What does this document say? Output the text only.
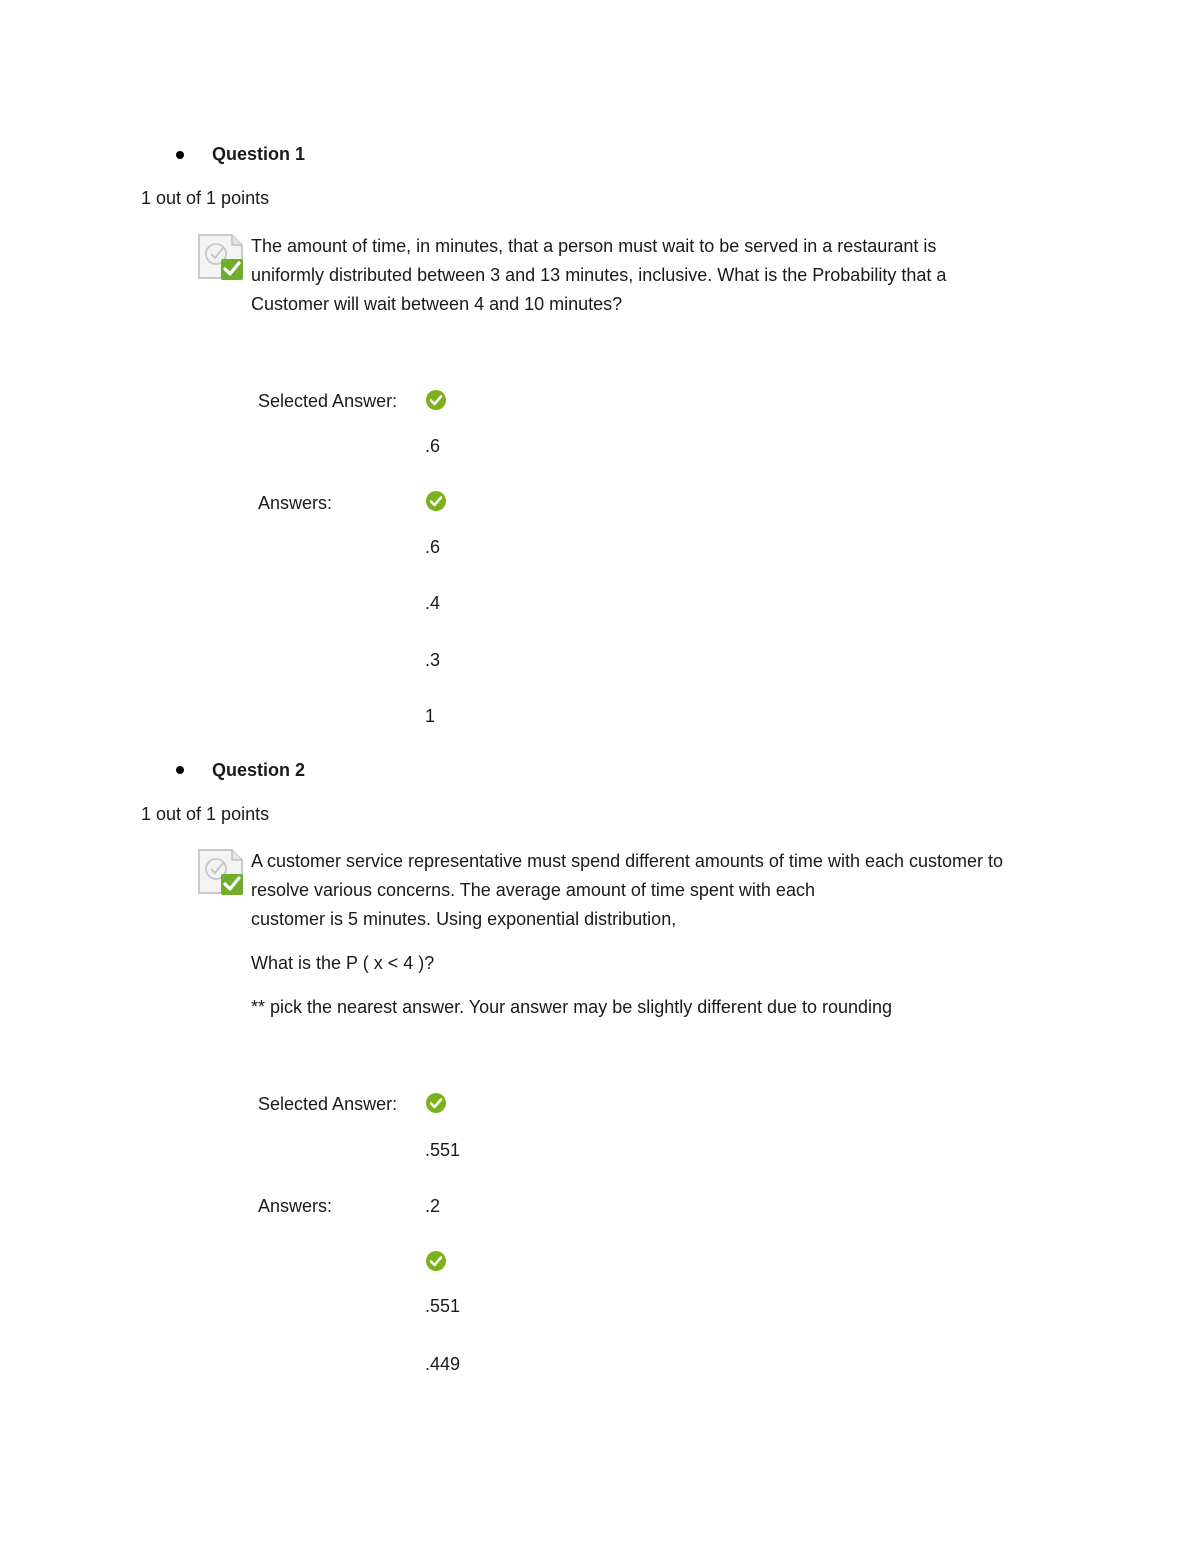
Question 1
1 out of 1 points
The amount of time, in minutes, that a person must wait to be served in a restaurant is
uniformly distributed between 3 and 13 minutes, inclusive. What is the Probability that a
Customer will wait between 4 and 10 minutes?
Selected Answer:
.6
Answers:
.6
.4
.3
1
Question 2
1 out of 1 points
A customer service representative must spend different amounts of time with each customer to
resolve various concerns. The average amount of time spent with each
customer is 5 minutes. Using exponential distribution,
What is the P ( x < 4 )?
** pick the nearest answer. Your answer may be slightly different due to rounding
Selected Answer:
.551
Answers:	.2
.551
.449
